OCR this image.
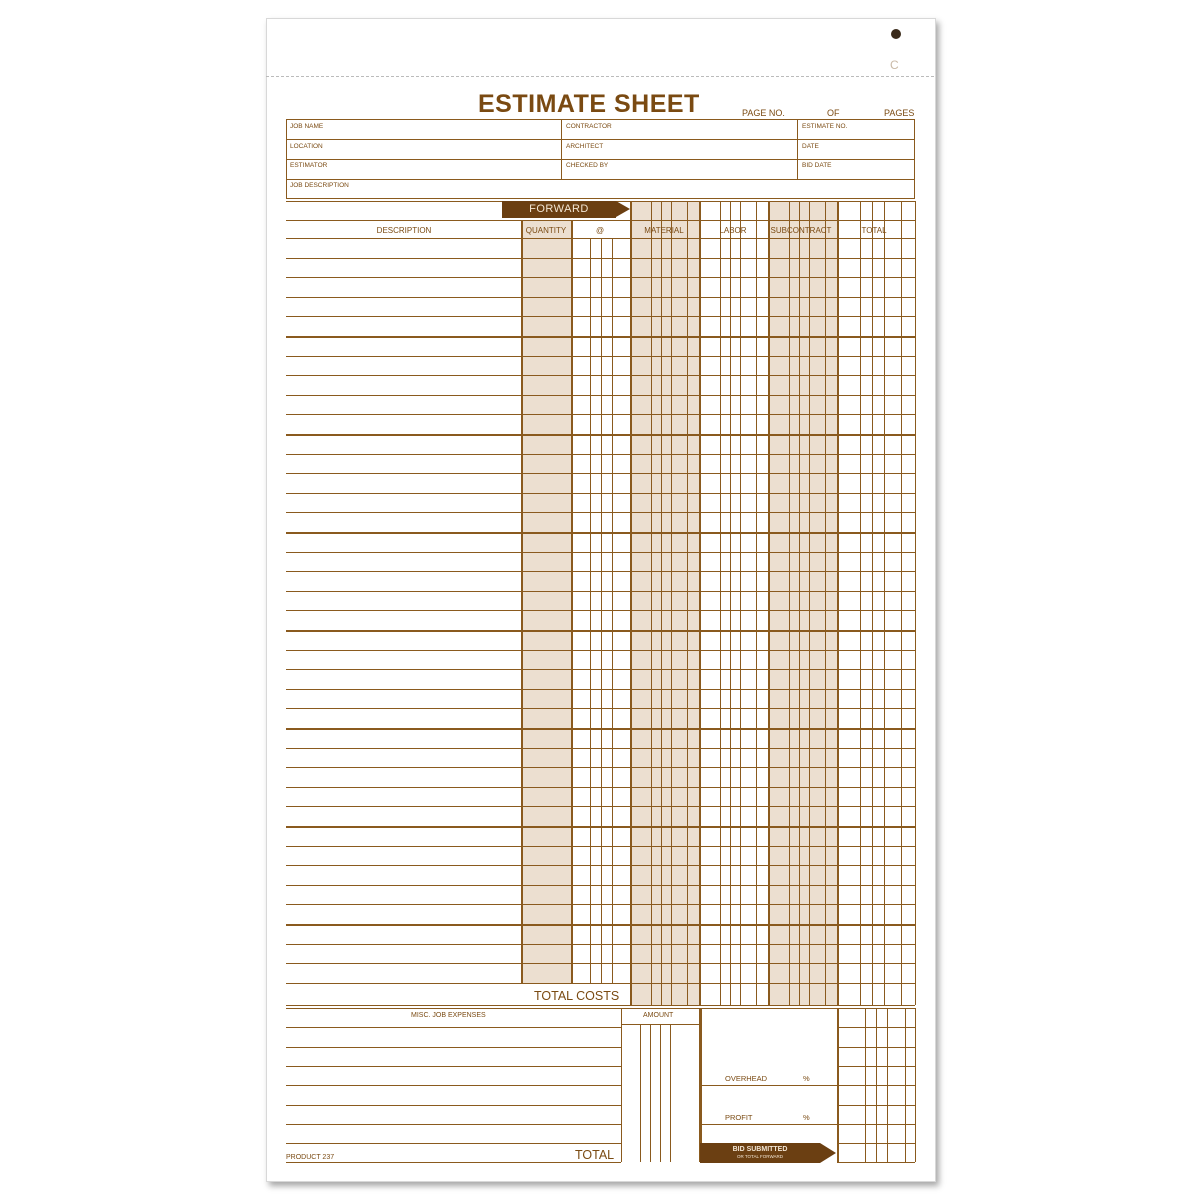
C
ESTIMATE SHEET	PAGE NO.	OF	PAGES
JOB NAME	CONTRACTOR	ESTIMATE NO.
LOCATION	ARCHITECT	DATE
ESTIMATOR	CHECKED BY	BID DATE
JOB DESCRIPTION
FORWARD
DESCRIPTION	QUANTITY	@	MATERIAL	LABOR	SUBCONTRACT	TOTAL
TOTAL COSTS
MISC. JOB EXPENSES	AMOUNT
OVERHEAD	%
PROFIT	%
TOTAL
PRODUCT 237
BID SUBMITTED
OR TOTAL FORWARD
